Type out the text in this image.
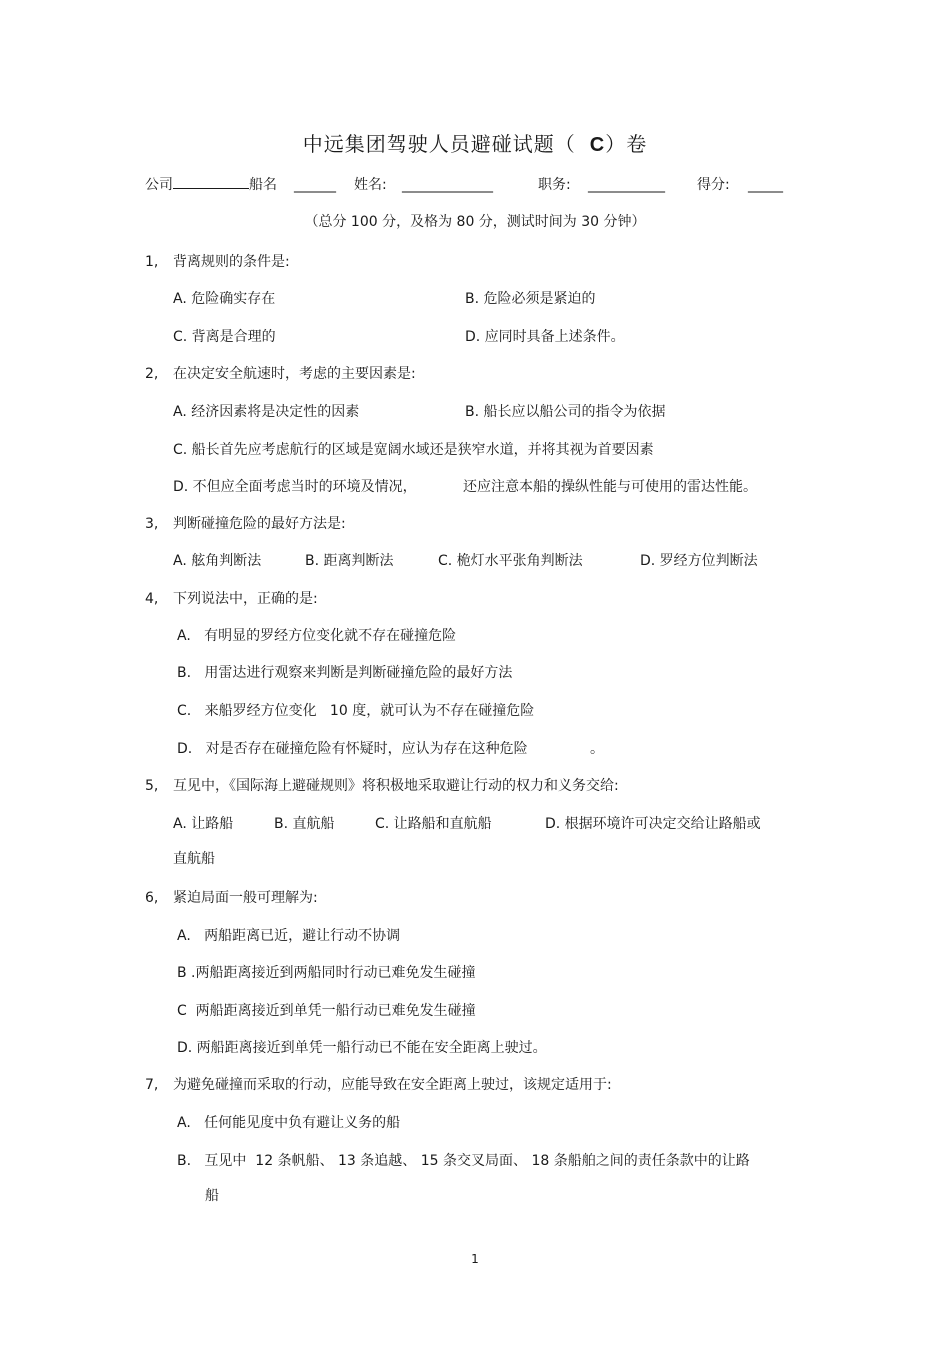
中远集团驾驶人员避碰试题（ C）卷
公司	船名 ______ 姓名: _____________	职务: ___________ 得分: _____
（总分 100 分，及格为 80 分，测试时间为 30 分钟）
1, 背离规则的条件是:
A. 危险确实存在	B. 危险必须是紧迫的
C. 背离是合理的	D. 应同时具备上述条件。
2, 在决定安全航速时，考虑的主要因素是:
A. 经济因素将是决定性的因素	B. 船长应以船公司的指令为依据
C. 船长首先应考虑航行的区域是宽阔水域还是狭窄水道，并将其视为首要因素
D. 不但应全面考虑当时的环境及情况，	还应注意本船的操纵性能与可使用的雷达性能。
3, 判断碰撞危险的最好方法是:
A. 舷角判断法	B. 距离判断法	C. 桅灯水平张角判断法	D. 罗经方位判断法
4, 下列说法中，正确的是:
A.   有明显的罗经方位变化就不存在碰撞危险
B.   用雷达进行观察来判断是判断碰撞危险的最好方法
C.   来船罗经方位变化   10 度，就可认为不存在碰撞危险
D.   对是否存在碰撞危险有怀疑时，应认为存在这种危险	。
5, 互见中，《国际海上避碰规则》将积极地采取避让行动的权力和义务交给:
A. 让路船	B. 直航船	C. 让路船和直航船	D. 根据环境许可决定交给让路船或
直航船
6, 紧迫局面一般可理解为:
A.   两船距离已近，避让行动不协调
B .两船距离接近到两船同时行动已难免发生碰撞
C  两船距离接近到单凭一船行动已难免发生碰撞
D. 两船距离接近到单凭一船行动已不能在安全距离上驶过。
7, 为避免碰撞而采取的行动，应能导致在安全距离上驶过，该规定适用于:
A.   任何能见度中负有避让义务的船
B.   互见中  12 条帆船、 13 条追越、 15 条交叉局面、 18 条船舶之间的责任条款中的让路
船
1
